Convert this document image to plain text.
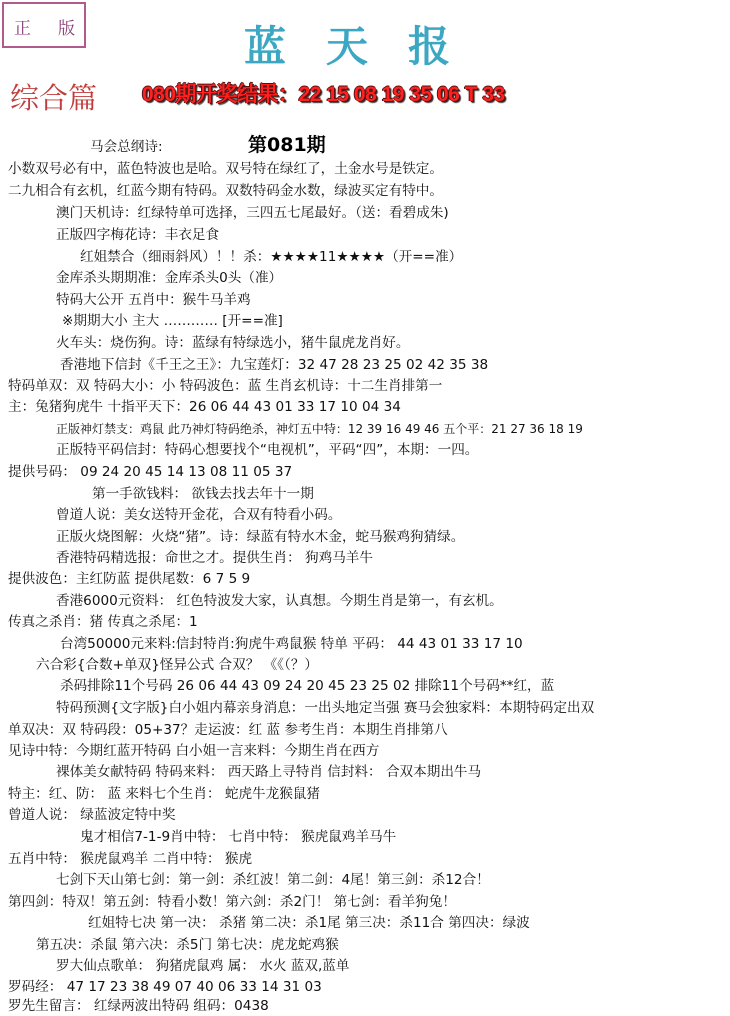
正 版	蓝天报
综合篇 080期开奖结果：22 15 08 19 35 06 T 33
第081期
马会总纲诗:
小数双号必有中，蓝色特波也是哈。双号特在绿红了，土金水号是铁定。
二九相合有玄机，红蓝今期有特码。双数特码金水数，绿波买定有特中。
澳门天机诗：红绿特单可选择，三四五七尾最好。（送：看碧成朱)
正版四字梅花诗：丰衣足食
红姐禁合（细雨斜风）！！杀：★★★★11★★★★（开==准）
金库杀头期期准：金库杀头0头（准）
特码大公开 五肖中：猴牛马羊鸡
※期期大小 主大 ………… [开==准]
火车头：烧伤狗。诗：蓝绿有特绿选小，猪牛鼠虎龙肖好。
香港地下信封《千王之王》：九宝莲灯：32 47 28 23 25 02 42 35 38
特码单双：双 特码大小：小 特码波色：蓝 生肖玄机诗：十二生肖排第一
主：兔猪狗虎牛 十指平天下：26 06 44 43 01 33 17 10 04 34
正版神灯禁支：鸡鼠 此乃神灯特码绝杀，神灯五中特：12 39 16 49 46 五个平：21 27 36 18 19
正版特平码信封：特码心想要找个“电视机”，平码“四”，本期：一四。
提供号码： 09 24 20 45 14 13 08 11 05 37
第一手欲钱料： 欲钱去找去年十一期
曾道人说：美女送特开金花，合双有特看小码。
正版火烧图解：火烧“猪”。诗：绿蓝有特水木金，蛇马猴鸡狗猜绿。
香港特码精选报：命世之才。提供生肖： 狗鸡马羊牛
提供波色：主红防蓝 提供尾数：6 7 5 9
香港6000元资料： 红色特波发大家，认真想。今期生肖是第一，有玄机。
传真之杀肖：猪 传真之杀尾：1
台湾50000元来料:信封特肖:狗虎牛鸡鼠猴 特单 平码： 44 43 01 33 17 10
六合彩{合数+单双}怪异公式 合双？ 《《（？）
杀码排除11个号码 26 06 44 43 09 24 20 45 23 25 02 排除11个号码**红，蓝
特码预测{文字版}白小姐内幕亲身消息：一出头地定当强 赛马会独家料：本期特码定出双
单双决：双 特码段：05+37？走运波：红 蓝 参考生肖：本期生肖排第八
见诗中特：今期红蓝开特码 白小姐一言来料：今期生肖在西方
裸体美女献特码 特码来料： 西天路上寻特肖 信封料： 合双本期出牛马
特主：红、防： 蓝 来料七个生肖： 蛇虎牛龙猴鼠猪
曾道人说： 绿蓝波定特中奖
鬼才相信7-1-9肖中特： 七肖中特： 猴虎鼠鸡羊马牛
五肖中特： 猴虎鼠鸡羊 二肖中特： 猴虎
七剑下天山第七剑：第一剑：杀红波！第二剑：4尾！第三剑：杀12合！
第四剑：特双！第五剑：特看小数！第六剑：杀2门！ 第七剑：看羊狗兔！
红姐特七决 第一决： 杀猪 第二决：杀1尾 第三决：杀11合 第四决：绿波
第五决：杀鼠 第六决：杀5门 第七决：虎龙蛇鸡猴
罗大仙点歌单： 狗猪虎鼠鸡 属： 水火 蓝双,蓝单
罗码经： 47 17 23 38 49 07 40 06 33 14 31 03
罗先生留言： 红绿两波出特码 组码：0438
